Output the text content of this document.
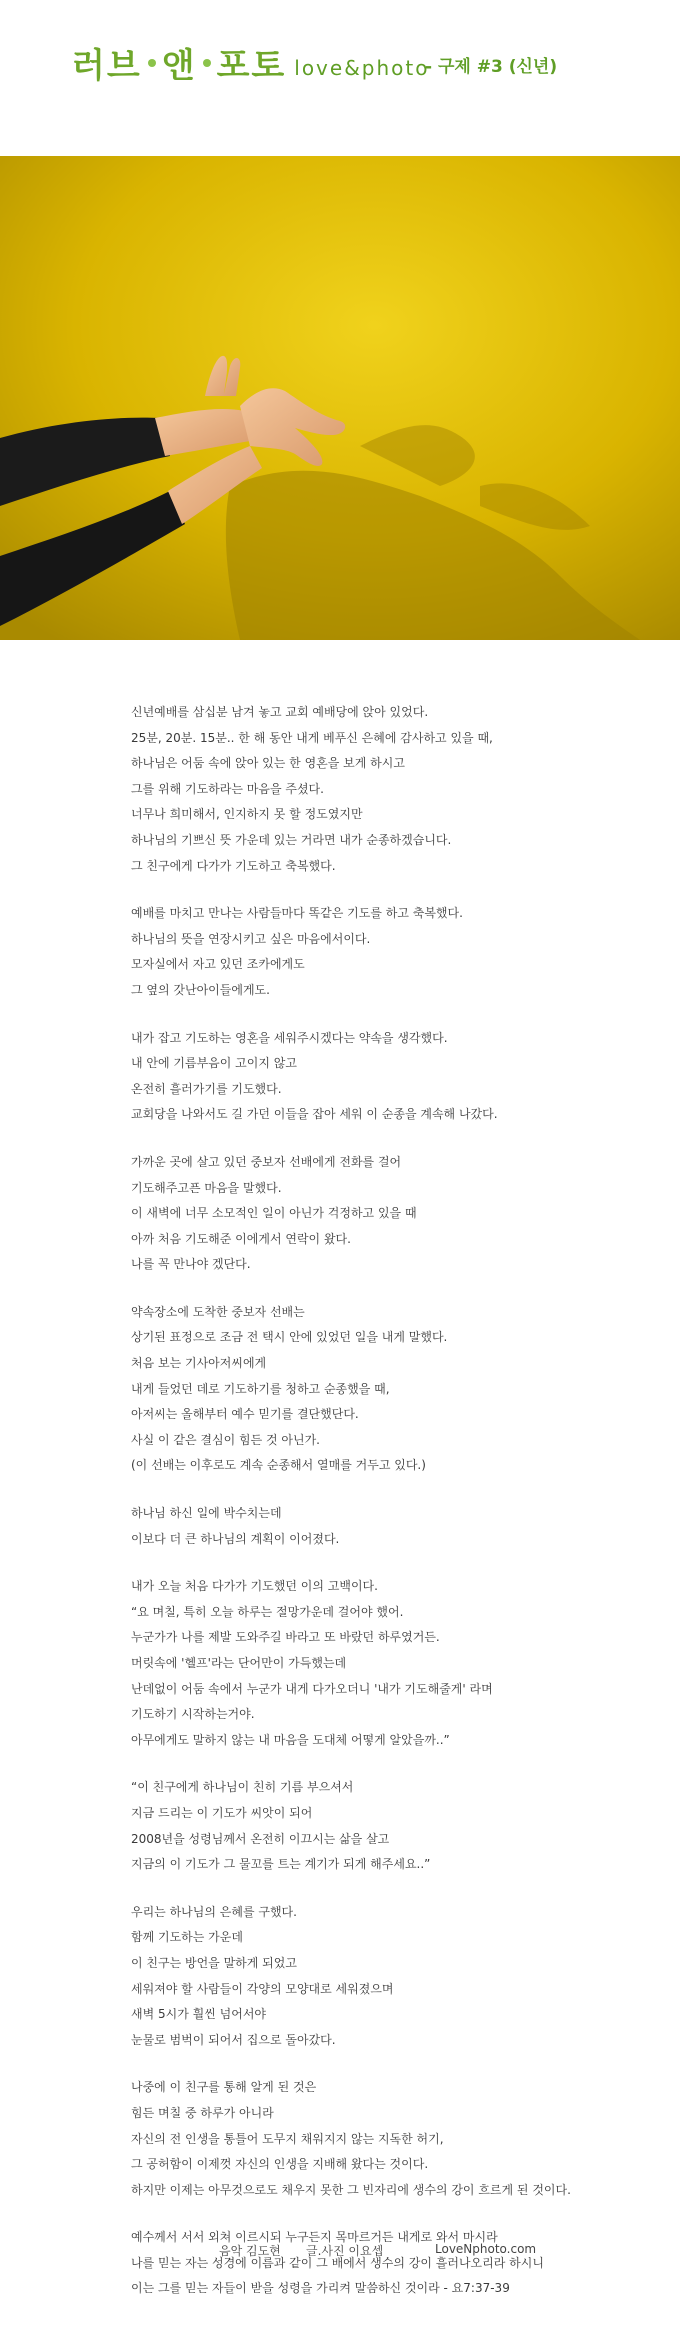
러브 앤 포토 love&photo
- 구제 #3 (신년)
신년예배를 삼십분 남겨 놓고 교회 예배당에 앉아 있었다.
25분, 20분. 15분.. 한 해 동안 내게 베푸신 은혜에 감사하고 있을 때,
하나님은 어둠 속에 앉아 있는 한 영혼을 보게 하시고
그를 위해 기도하라는 마음을 주셨다.
너무나 희미해서, 인지하지 못 할 정도였지만
하나님의 기쁘신 뜻 가운데 있는 거라면 내가 순종하겠습니다.
그 친구에게 다가가 기도하고 축복했다.
예배를 마치고 만나는 사람들마다 똑같은 기도를 하고 축복했다.
하나님의 뜻을 연장시키고 싶은 마음에서이다.
모자실에서 자고 있던 조카에게도
그 옆의 갓난아이들에게도.
내가 잡고 기도하는 영혼을 세워주시겠다는 약속을 생각했다.
내 안에 기름부음이 고이지 않고
온전히 흘러가기를 기도했다.
교회당을 나와서도 길 가던 이들을 잡아 세워 이 순종을 계속해 나갔다.
가까운 곳에 살고 있던 중보자 선배에게 전화를 걸어
기도해주고픈 마음을 말했다.
이 새벽에 너무 소모적인 일이 아닌가 걱정하고 있을 때
아까 처음 기도해준 이에게서 연락이 왔다.
나를 꼭 만나야 겠단다.
약속장소에 도착한 중보자 선배는
상기된 표정으로 조금 전 택시 안에 있었던 일을 내게 말했다.
처음 보는 기사아저씨에게
내게 들었던 데로 기도하기를 청하고 순종했을 때,
아저씨는 올해부터 예수 믿기를 결단했단다.
사실 이 같은 결심이 힘든 것 아닌가.
(이 선배는 이후로도 계속 순종해서 열매를 거두고 있다.)
하나님 하신 일에 박수치는데
이보다 더 큰 하나님의 계획이 이어졌다.
내가 오늘 처음 다가가 기도했던 이의 고백이다.
“요 며칠, 특히 오늘 하루는 절망가운데 걸어야 했어.
누군가가 나를 제발 도와주길 바라고 또 바랐던 하루였거든.
머릿속에 '헬프'라는 단어만이 가득했는데
난데없이 어둠 속에서 누군가 내게 다가오더니 '내가 기도해줄게' 라며
기도하기 시작하는거야.
아무에게도 말하지 않는 내 마음을 도대체 어떻게 알았을까..”
“이 친구에게 하나님이 친히 기름 부으셔서
지금 드리는 이 기도가 씨앗이 되어
2008년을 성령님께서 온전히 이끄시는 삶을 살고
지금의 이 기도가 그 물꼬를 트는 계기가 되게 해주세요..”
우리는 하나님의 은혜를 구했다.
함께 기도하는 가운데
이 친구는 방언을 말하게 되었고
세워져야 할 사람들이 각양의 모양대로 세워졌으며
새벽 5시가 훨씬 넘어서야
눈물로 범벅이 되어서 집으로 돌아갔다.
나중에 이 친구를 통해 알게 된 것은
힘든 며칠 중 하루가 아니라
자신의 전 인생을 통틀어 도무지 채워지지 않는 지독한 허기,
그 공허함이 이제껏 자신의 인생을 지배해 왔다는 것이다.
하지만 이제는 아무것으로도 채우지 못한 그 빈자리에 생수의 강이 흐르게 된 것이다.
예수께서 서서 외쳐 이르시되 누구든지 목마르거든 내게로 와서 마시라
나를 믿는 자는 성경에 이름과 같이 그 배에서 생수의 강이 흘러나오리라 하시니
이는 그를 믿는 자들이 받을 성령을 가리켜 말씀하신 것이라 - 요7:37-39
음악 김도현 글.사진 이요셉	LoveNphoto.com
